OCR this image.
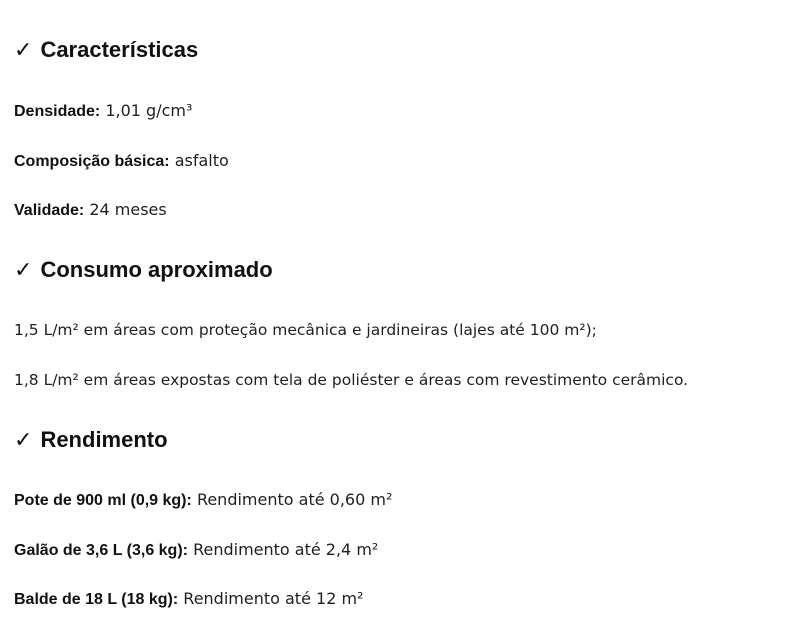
✓ Características
Densidade: 1,01 g/cm³
Composição básica: asfalto
Validade: 24 meses
✓ Consumo aproximado
1,5 L/m² em áreas com proteção mecânica e jardineiras (lajes até 100 m²);
1,8 L/m² em áreas expostas com tela de poliéster e áreas com revestimento cerâmico.
✓ Rendimento
Pote de 900 ml (0,9 kg): Rendimento até 0,60 m²
Galão de 3,6 L (3,6 kg): Rendimento até 2,4 m²
Balde de 18 L (18 kg): Rendimento até 12 m²
